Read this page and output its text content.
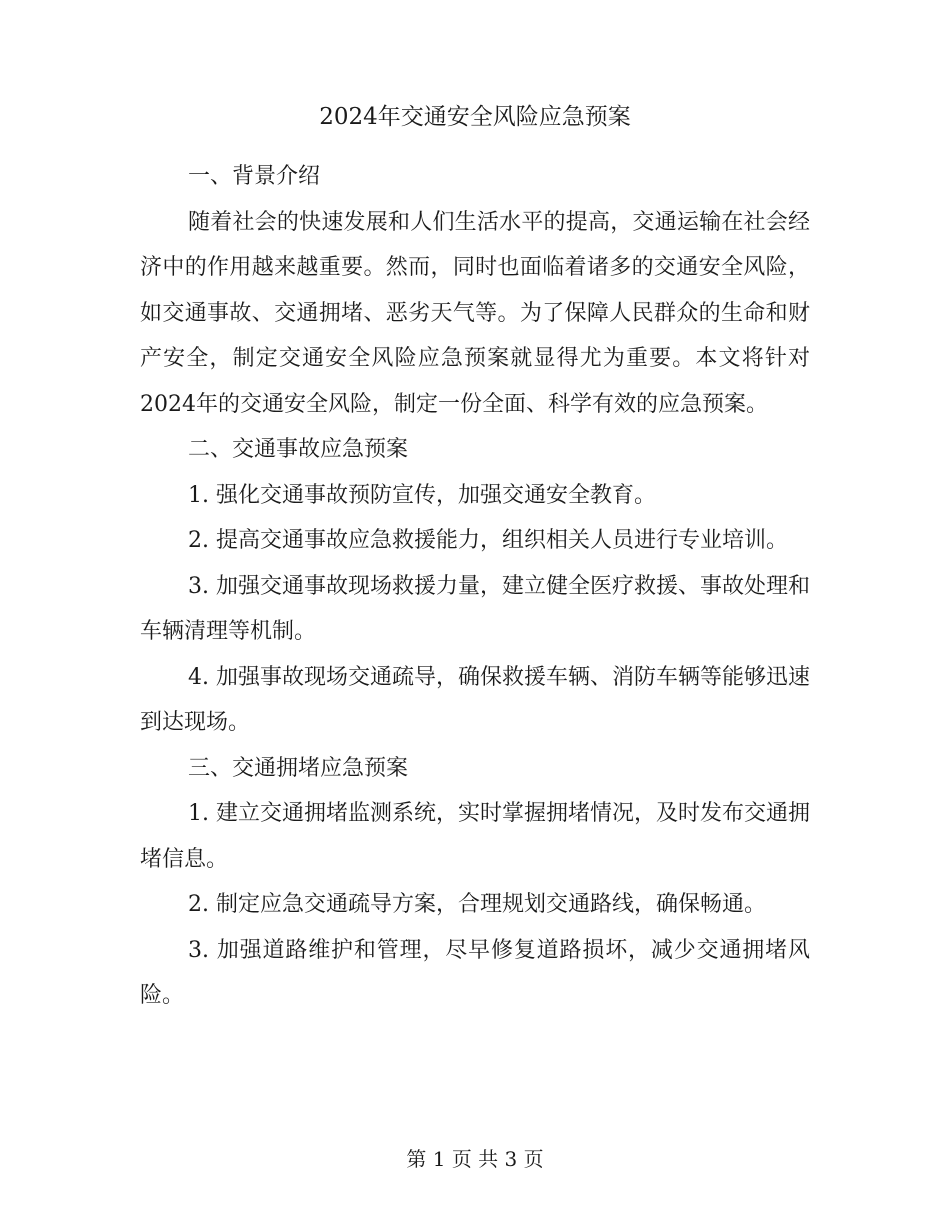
2024年交通安全风险应急预案
一、背景介绍

随着社会的快速发展和人们生活水平的提高，交通运输在社会经济中的作用越来越重要。然而，同时也面临着诸多的交通安全风险，如交通事故、交通拥堵、恶劣天气等。为了保障人民群众的生命和财产安全，制定交通安全风险应急预案就显得尤为重要。本文将针对2024年的交通安全风险，制定一份全面、科学有效的应急预案。

二、交通事故应急预案

1. 强化交通事故预防宣传，加强交通安全教育。

2. 提高交通事故应急救援能力，组织相关人员进行专业培训。

3. 加强交通事故现场救援力量，建立健全医疗救援、事故处理和车辆清理等机制。

4. 加强事故现场交通疏导，确保救援车辆、消防车辆等能够迅速到达现场。

三、交通拥堵应急预案

1. 建立交通拥堵监测系统，实时掌握拥堵情况，及时发布交通拥堵信息。

2. 制定应急交通疏导方案，合理规划交通路线，确保畅通。

3. 加强道路维护和管理，尽早修复道路损坏，减少交通拥堵风险。

第 1 页 共 3 页
